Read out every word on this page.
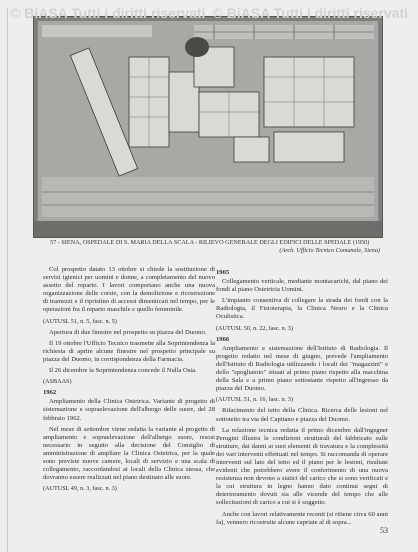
© BiASA Tutti i diritti riservati © BiASA Tutti i diritti riservati
57 - SIENA, OSPEDALE DI S. MARIA DELLA SCALA - RILIEVO GENERALE DEGLI EDIFICI DELLE SPEDALE (1950)
(Arch. Ufficio Tecnico Comunale, Siena)

Col prospetto datato 13 ottobre si chiede la sostituzione di servizi igienici per uomini e donne, a completamento del nuovo assetto del reparto. I lavori comportano anche una nuova organizzazione delle corsie, con la demolizione e ricostruzione di tramezzi e il ripristino di accessi dimenticati nel tempo, per le operazioni fra il reparto maschile e quello femminile.

(AUTUSL 51, n. 5, fasc. n. 5)

Apertura di due finestre nel prospetto su piazza del Duomo.

Il 19 ottobre l'Ufficio Tecnico trasmette alla Soprintendenza la richiesta di aprire alcune finestre nel prospetto principale su piazza del Duomo, in corrispondenza della Farmacia.

Il 26 dicembre la Soprintendenza concede il Nulla Osta.

(ASBAAS)

1962

Ampliamento della Clinica Ostetrica. Variante di progetto di sistemazione e sopraelevazione dell'albergo delle suore, del 28 febbraio 1962.

Nel mese di settembre viene redatta la variante al progetto di ampliamento e sopraelevazione dell'albergo suore, resosi necessario in seguito alla decisione del Consiglio di amministrazione di ampliare la Clinica Ostetrica, per la quale sono previste nuove camere, locali di servizio e una scala di collegamento, raccordandosi ai locali della Clinica stessa, che dovranno essere realizzati nel piano destinato alle suore.

(AUTUSL 49, n. 3, fasc. n. 3)

1965

Collegamento verticale, mediante montacarichi, dal piano dei fondi al piano Ostetricia Uomini.

L'impianto consentiva di collegare la strada dei fondi con la Radiologia, il Fisioterapia, la Clinica Neuro e la Clinica Oculistica.

(AUTUSL 50, n. 22, fasc. n. 3)

1966

Ampliamento e sistemazione dell'Istituto di Radiologia. Il progetto redatto nel mese di giugno, prevede l'ampliamento dell'Istituto di Radiologia utilizzando i locali dei "magazzini" e dello "spogliatoio" situati al primo piano rispetto alla macchina della Sala e a primo piano sottostante rispetto all'ingresso da piazza del Duomo.

(AUTUSL 51, n. 16, fasc. n. 3)

Rifacimento del tetto della Clinica. Ricerca delle lesioni nel sottotetto tra via del Capitano e piazza del Duomo.

La relazione tecnica redatta il primo dicembre dall'ingegner Perugini illustra le condizioni strutturali del fabbricato sulle strutture, dai danni ai suoi elementi di travatura e la complessità dei vari interventi effettuati nel tempo. Si raccomanda di operare interventi sul lato del tetto ed il piano per le lesioni, risultate evidenti che potrebbero avere il conferimento di una nuova resistenza non devono a statici del carico che si sono verificati e la cui struttura in legno hanno dato continui segni di deterioramento dovuti sia alle vicende del tempo che alle sollecitazioni di carico a cui si è soggetto.

Anche con lavori relativamente recenti (si ritiene circa 60 anni fa), vennero ricostruite alcune capriate al di sopra...

53
